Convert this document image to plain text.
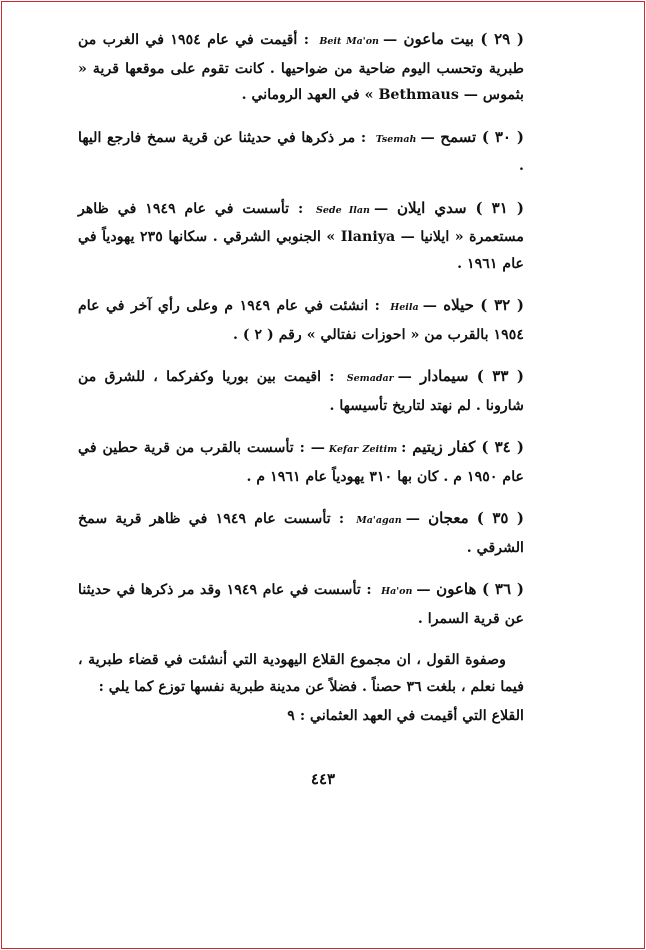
( ٢٩ ) بيت ماعون —Beit Ma'on : أقيمت في عام ١٩٥٤ في الغرب من طبرية وتحسب اليوم ضاحية من ضواحيها . كانت تقوم على موقعها قرية « بثموس — Bethmaus » في العهد الروماني .

( ٣٠ ) تسمح —Tsemah : مر ذكرها في حديثنا عن قرية سمخ فارجع اليها .

( ٣١ ) سدي ايلان —Sede Ilan : تأسست في عام ١٩٤٩ في ظاهر مستعمرة « ايلانيا — Ilaniya » الجنوبي الشرقي . سكانها ٢٣٥ يهودياً في عام ١٩٦١ .

( ٣٢ ) حيلاه —Heila : انشئت في عام ١٩٤٩ م وعلى رأي آخر في عام ١٩٥٤ بالقرب من « احوزات نفتالي » رقم ( ٢ ) .

( ٣٣ ) سيمادار —Semadar : اقيمت بين بوريا وكفركما ، للشرق من شارونا . لم نهتد لتاريخ تأسيسها .

( ٣٤ ) كفار زيتيم :Kefar Zeitim— : تأسست بالقرب من قرية حطين في عام ١٩٥٠ م . كان بها ٣١٠ يهودياً عام ١٩٦١ م .

( ٣٥ ) معجان —Ma'agan : تأسست عام ١٩٤٩ في ظاهر قرية سمخ الشرقي .

( ٣٦ ) هاعون —Ha'on : تأسست في عام ١٩٤٩ وقد مر ذكرها في حديثنا عن قرية السمرا .

وصفوة القول ، ان مجموع القلاع اليهودية التي أنشئت في قضاء طبرية ، فيما نعلم ، بلغت ٣٦ حصناً . فضلاً عن مدينة طبرية نفسها توزع كما يلي :

القلاع التي أقيمت في العهد العثماني : ٩

٤٤٣
